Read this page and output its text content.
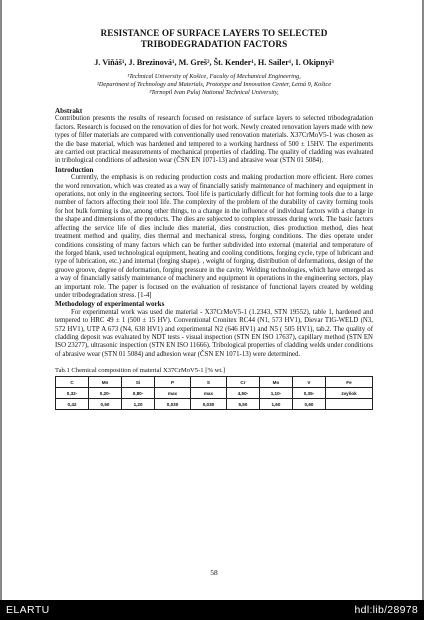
RESISTANCE OF SURFACE LAYERS TO SELECTED
TRIBODEGRADATION FACTORS
J. Viňáš¹, J. Brezinová¹, M. Greš², Št. Kender¹, H. Sailer¹, I. Okipnyi³
¹Technical University of Košice, Faculty of Mechanical Engineering,
²Department of Technology and Materials, Prototype and Innovation Center, Letná 9, Košice
³Ternopil Ivan Puluj National Technical University,
Abstrakt
Contribution presents the results of research focused on resistance of surface layers to selected tribodegradation factors. Research is focused on the renovation of dies for hot work. Newly created renovation layers made with new types of filler materials are compared with conventionally used renovation materials. X37CrMoV5-1 was chosen as the die base material, which was hardened and tempered to a working hardness of 500 ± 15HV. The experiments are carried out practical measurements of mechanical properties of cladding. The quality of cladding was evaluated in tribological conditions of adhesion wear (ČSN EN 1071-13) and abrasive wear (STN 01 5084).
Introduction
Currently, the emphasis is on reducing production costs and making production more efficient. Here comes the word renovation, which was created as a way of financially satisfy maintenance of machinery and equipment in operations, not only in the engineering sectors. Tool life is particularly difficult for hot forming tools due to a large number of factors affecting their tool life. The complexity of the problem of the durability of cavity forming tools for hot bulk forming is due, among other things, to a change in the influence of individual factors with a change in the shape and dimensions of the products. The dies are subjected to complex stresses during work. The basic factors affecting the service life of dies include dies material, dies construction, dies production method, dies heat treatment method and quality, dies thermal and mechanical stress, forging conditions. The dies operate under conditions consisting of many factors which can be further subdivided into external (material and temperature of the forged blank, used technological equipment, heating and cooling conditions, forging cycle, type of lubricant and type of lubrication, etc.) and internal (forging shape). , weight of forging, distribution of deformations, design of the groove groove, degree of deformation, forging pressure in the cavity. Welding technologies, which have emerged as a way of financially satisfy maintenance of machinery and equipment in operations in the engineering sectors, play an important role. The paper is focused on the evaluation of resistance of functional layers created by welding under tribodegradation stress. [1-4]
Methodology of experimental works
For experimental work was used die material - X37CrMoV5-1 (1.2343, STN 19552), table 1, hardened and tempered to HRC 49 ± 1 (500 ± 15 HV). Conventional Cronitex RC44 (N1, 573 HV1), Dievar TIG-WELD (N3, 572 HV1), UTP A 673 (N4, 638 HV1) and experimental N2 (646 HV1) and N5 ( 505 HV1), tab.2. The quality of cladding deposit was evaluated by NDT tests - visual inspection (STN EN ISO 17637), capillary method (STN EN ISO 23277), ultrasonic inspection (STN EN ISO 11666). Tribological properties of cladding welds under conditions of abrasive wear (STN 01 5084) and adhesion wear (ČSN EN 1071-13) were determined.
Tab.1 Chemical composition of material X37CrMoV5-1 [% wt.]
C	Mn	Si	P	S	Cr	Mo	V	Fe
0,32-	0,20-	0,80-	max	max	4,50-	1,10-	0,35-	zvyšok
0,42	0,50	1,20	0,030	0,030	5,50	1,60	0,60	
58
ELARTU	hdl:lib/28978
